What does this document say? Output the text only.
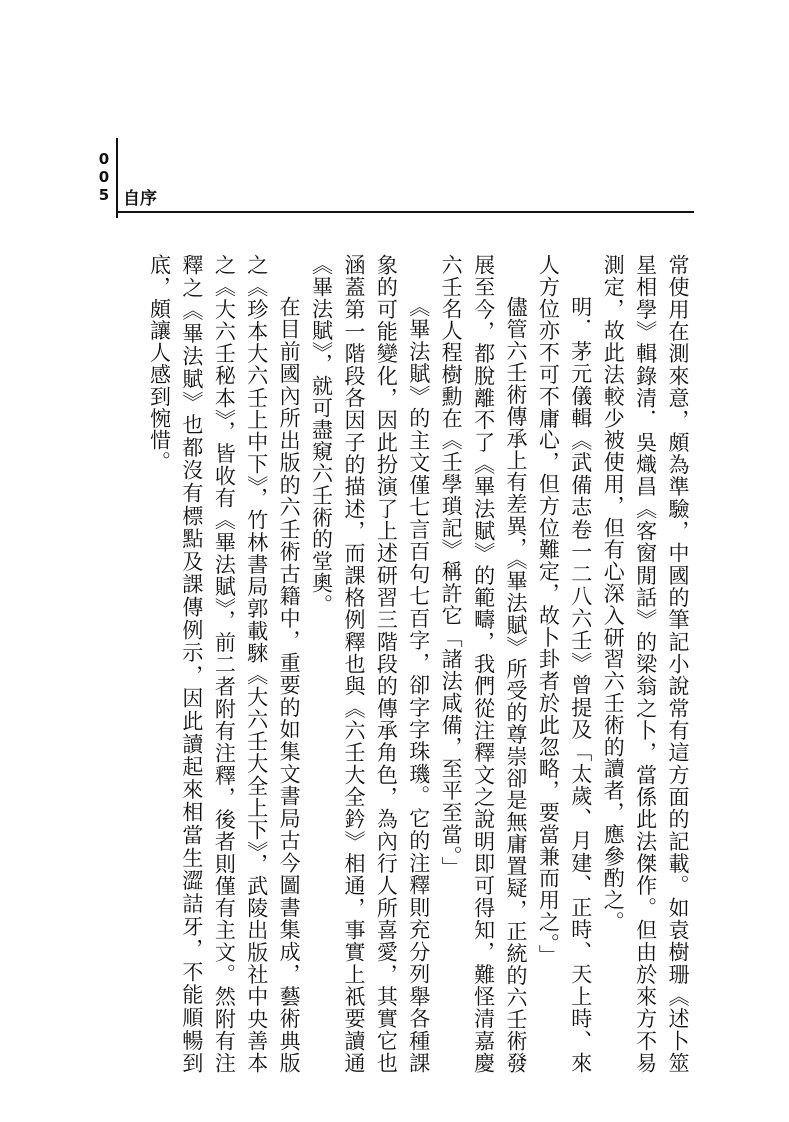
005 自序

常使用在測來意，頗為準驗，中國的筆記小說常有這方面的記載。如袁樹珊《述卜筮星相學》輯錄清．吳熾昌《客窗閒話》的梁翁之卜，當係此法傑作。但由於來方不易測定，故此法較少被使用，但有心深入研習六壬術的讀者，應參酌之。

明．茅元儀輯《武備志卷一二八六壬》曾提及「太歲、月建、正時、天上時、來人方位亦不可不庸心，但方位難定，故卜卦者於此忽略，要當兼而用之。」

儘管六壬術傳承上有差異，《畢法賦》所受的尊崇卻是無庸置疑，正統的六壬術發展至今，都脫離不了《畢法賦》的範疇，我們從注釋文之說明即可得知，難怪清嘉慶六壬名人程樹勳在《壬學瑣記》稱許它「諸法咸備，至平至當。」

《畢法賦》的主文僅七言百句七百字，卻字字珠璣。它的注釋則充分列舉各種課象的可能變化，因此扮演了上述研習三階段的傳承角色，為內行人所喜愛，其實它也涵蓋第一階段各因子的描述，而課格例釋也與《六壬大全鈐》相通，事實上祇要讀通《畢法賦》，就可盡窺六壬術的堂奧。

在目前國內所出版的六壬術古籍中，重要的如集文書局古今圖書集成，藝術典版之《珍本大六壬上中下》，竹林書局郭載騋《大六壬大全上下》，武陵出版社中央善本之《大六壬秘本》，皆收有《畢法賦》，前二者附有注釋，後者則僅有主文。然附有注釋之《畢法賦》也都沒有標點及課傳例示，因此讀起來相當生澀詰牙，不能順暢到底，頗讓人感到惋惜。
